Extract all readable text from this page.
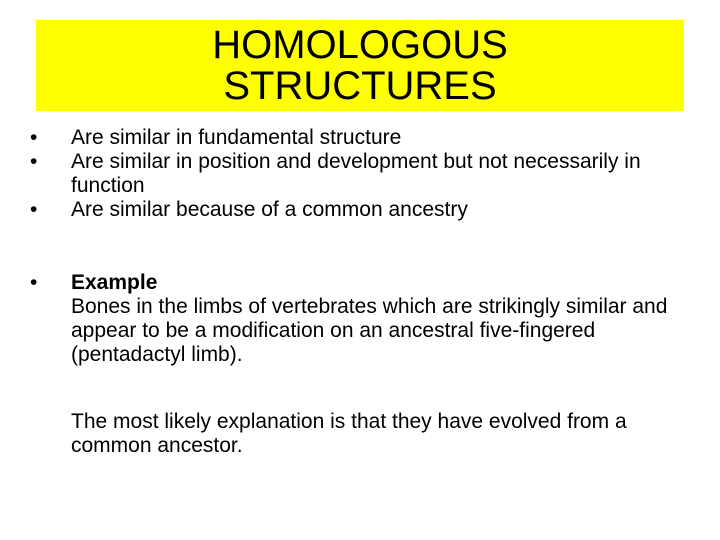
HOMOLOGOUS
STRUCTURES
•	Are similar in fundamental structure
•	Are similar in position and development but not necessarily in function
•	Are similar because of a common ancestry
•	Example
Bones in the limbs of vertebrates which are strikingly similar and appear to be a modification on an ancestral five-fingered (pentadactyl limb).
The most likely explanation is that they have evolved from a common ancestor.
